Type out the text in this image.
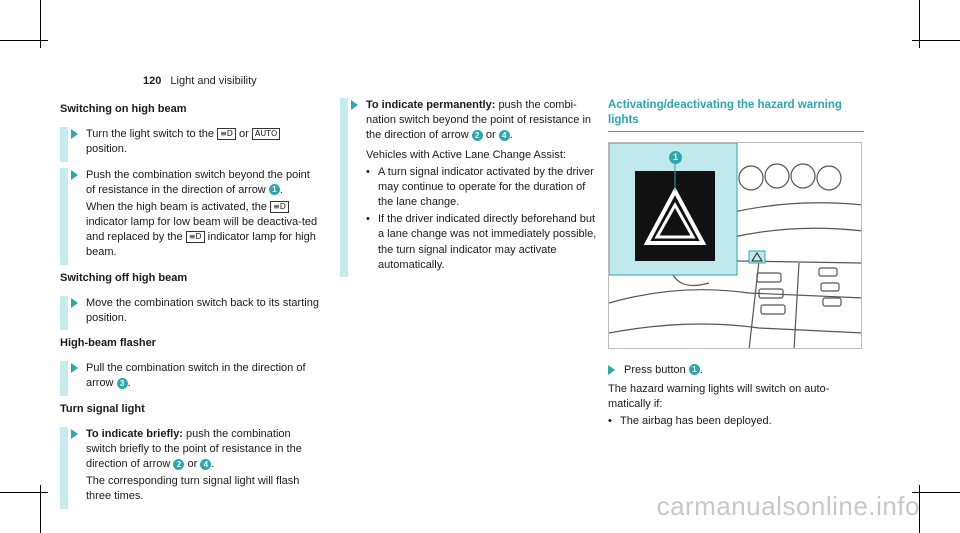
120 Light and visibility
Switching on high beam

Turn the light switch to the ≡D or AUTO position.

Push the combination switch beyond the point of resistance in the direction of arrow 1 .

When the high beam is activated, the ≡D indicator lamp for low beam will be deactiva-ted and replaced by the ≡D indicator lamp for high beam.

Switching off high beam

Move the combination switch back to its starting position.

High-beam flasher

Pull the combination switch in the direction of arrow 3 .

Turn signal light

To indicate briefly: push the combination switch briefly to the point of resistance in the direction of arrow 2 or 4 .

The corresponding turn signal light will flash three times.

To indicate permanently: push the combi-nation switch beyond the point of resistance in the direction of arrow 2 or 4 .

Vehicles with Active Lane Change Assist:

• A turn signal indicator activated by the driver may continue to operate for the duration of the lane change.
• If the driver indicated directly beforehand but a lane change was not immediately possible, the turn signal indicator may activate automatically.
Activating/deactivating the hazard warning lights
1

Press button 1 .

The hazard warning lights will switch on auto-matically if:

• The airbag has been deployed.
carmanualsonline.info
